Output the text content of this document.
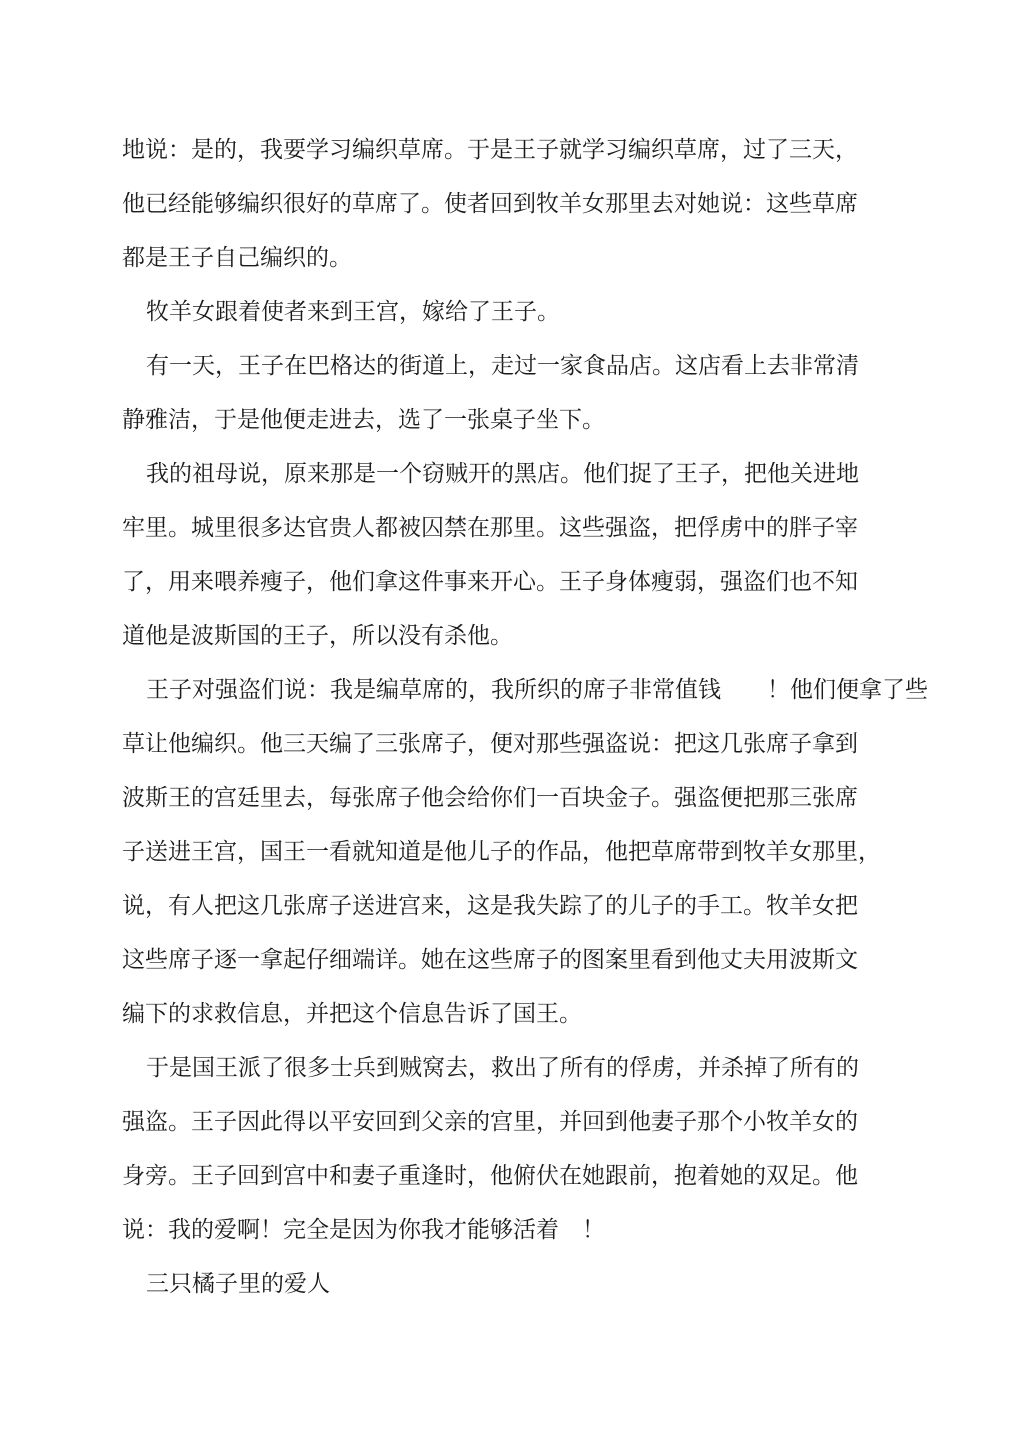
地说：是的，我要学习编织草席。于是王子就学习编织草席，过了三天，
他已经能够编织很好的草席了。使者回到牧羊女那里去对她说：这些草席
都是王子自己编织的。
牧羊女跟着使者来到王宫，嫁给了王子。
有一天，王子在巴格达的街道上，走过一家食品店。这店看上去非常清
静雅洁，于是他便走进去，选了一张桌子坐下。
我的祖母说，原来那是一个窃贼开的黑店。他们捉了王子，把他关进地
牢里。城里很多达官贵人都被囚禁在那里。这些强盗，把俘虏中的胖子宰
了，用来喂养瘦子，他们拿这件事来开心。王子身体瘦弱，强盗们也不知
道他是波斯国的王子，所以没有杀他。
王子对强盗们说：我是编草席的，我所织的席子非常值钱　　！他们便拿了些
草让他编织。他三天编了三张席子，便对那些强盗说：把这几张席子拿到
波斯王的宫廷里去，每张席子他会给你们一百块金子。强盗便把那三张席
子送进王宫，国王一看就知道是他儿子的作品，他把草席带到牧羊女那里，
说，有人把这几张席子送进宫来，这是我失踪了的儿子的手工。牧羊女把
这些席子逐一拿起仔细端详。她在这些席子的图案里看到他丈夫用波斯文
编下的求救信息，并把这个信息告诉了国王。
于是国王派了很多士兵到贼窝去，救出了所有的俘虏，并杀掉了所有的
强盗。王子因此得以平安回到父亲的宫里，并回到他妻子那个小牧羊女的
身旁。王子回到宫中和妻子重逢时，他俯伏在她跟前，抱着她的双足。他
说：我的爱啊！完全是因为你我才能够活着　！
三只橘子里的爱人
